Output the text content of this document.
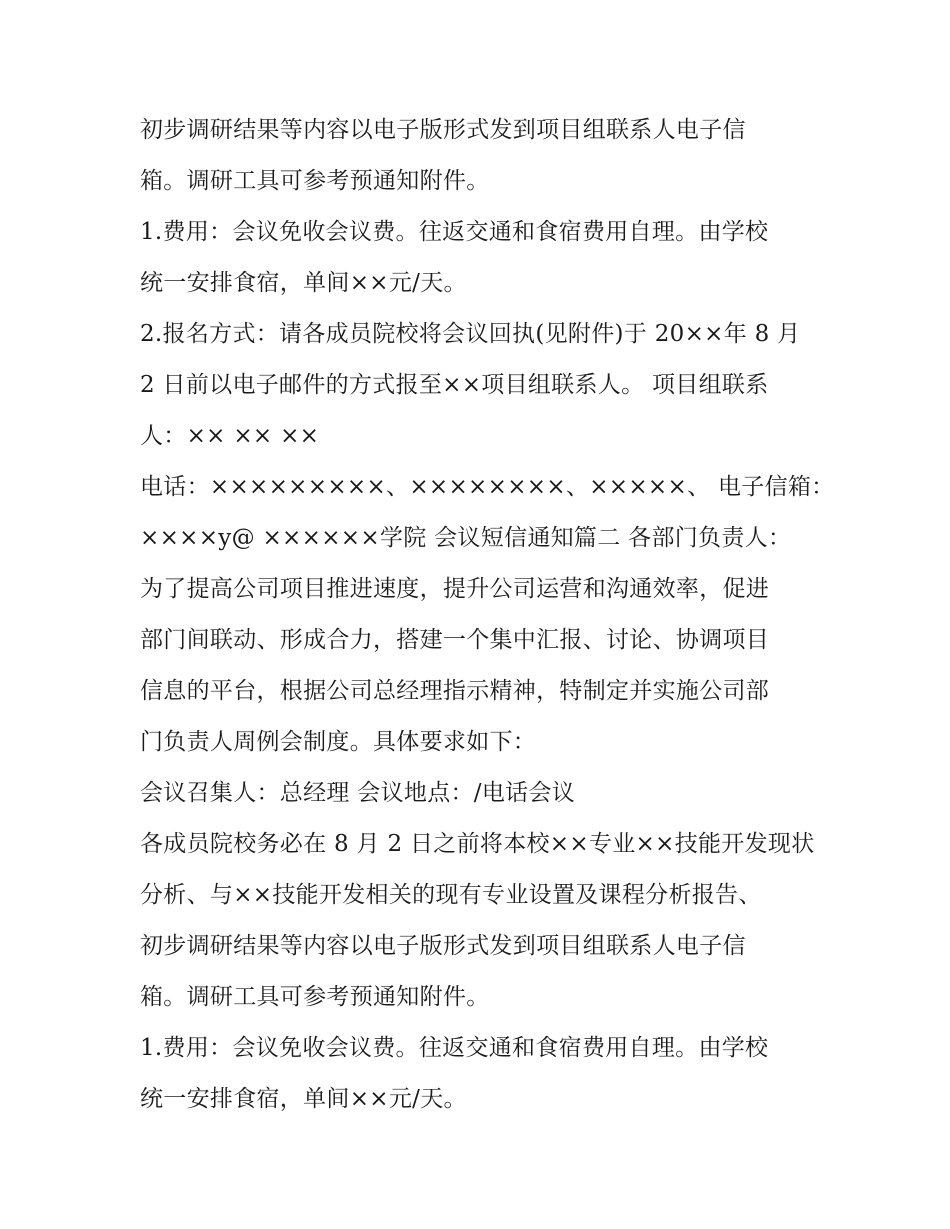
初步调研结果等内容以电子版形式发到项目组联系人电子信
箱。调研工具可参考预通知附件。
1.费用：会议免收会议费。往返交通和食宿费用自理。由学校
统一安排食宿，单间××元/天。
2.报名方式：请各成员院校将会议回执(见附件)于 20××年 8 月
2 日前以电子邮件的方式报至××项目组联系人。 项目组联系
人：×× ×× ××
电话：×××××××××、××××××××、×××××、 电子信箱：
××××y@ ××××××学院 会议短信通知篇二 各部门负责人：
为了提高公司项目推进速度，提升公司运营和沟通效率，促进
部门间联动、形成合力，搭建一个集中汇报、讨论、协调项目
信息的平台，根据公司总经理指示精神，特制定并实施公司部
门负责人周例会制度。具体要求如下：
会议召集人：总经理 会议地点：/电话会议
各成员院校务必在 8 月 2 日之前将本校××专业××技能开发现状
分析、与××技能开发相关的现有专业设置及课程分析报告、
初步调研结果等内容以电子版形式发到项目组联系人电子信
箱。调研工具可参考预通知附件。
1.费用：会议免收会议费。往返交通和食宿费用自理。由学校
统一安排食宿，单间××元/天。
